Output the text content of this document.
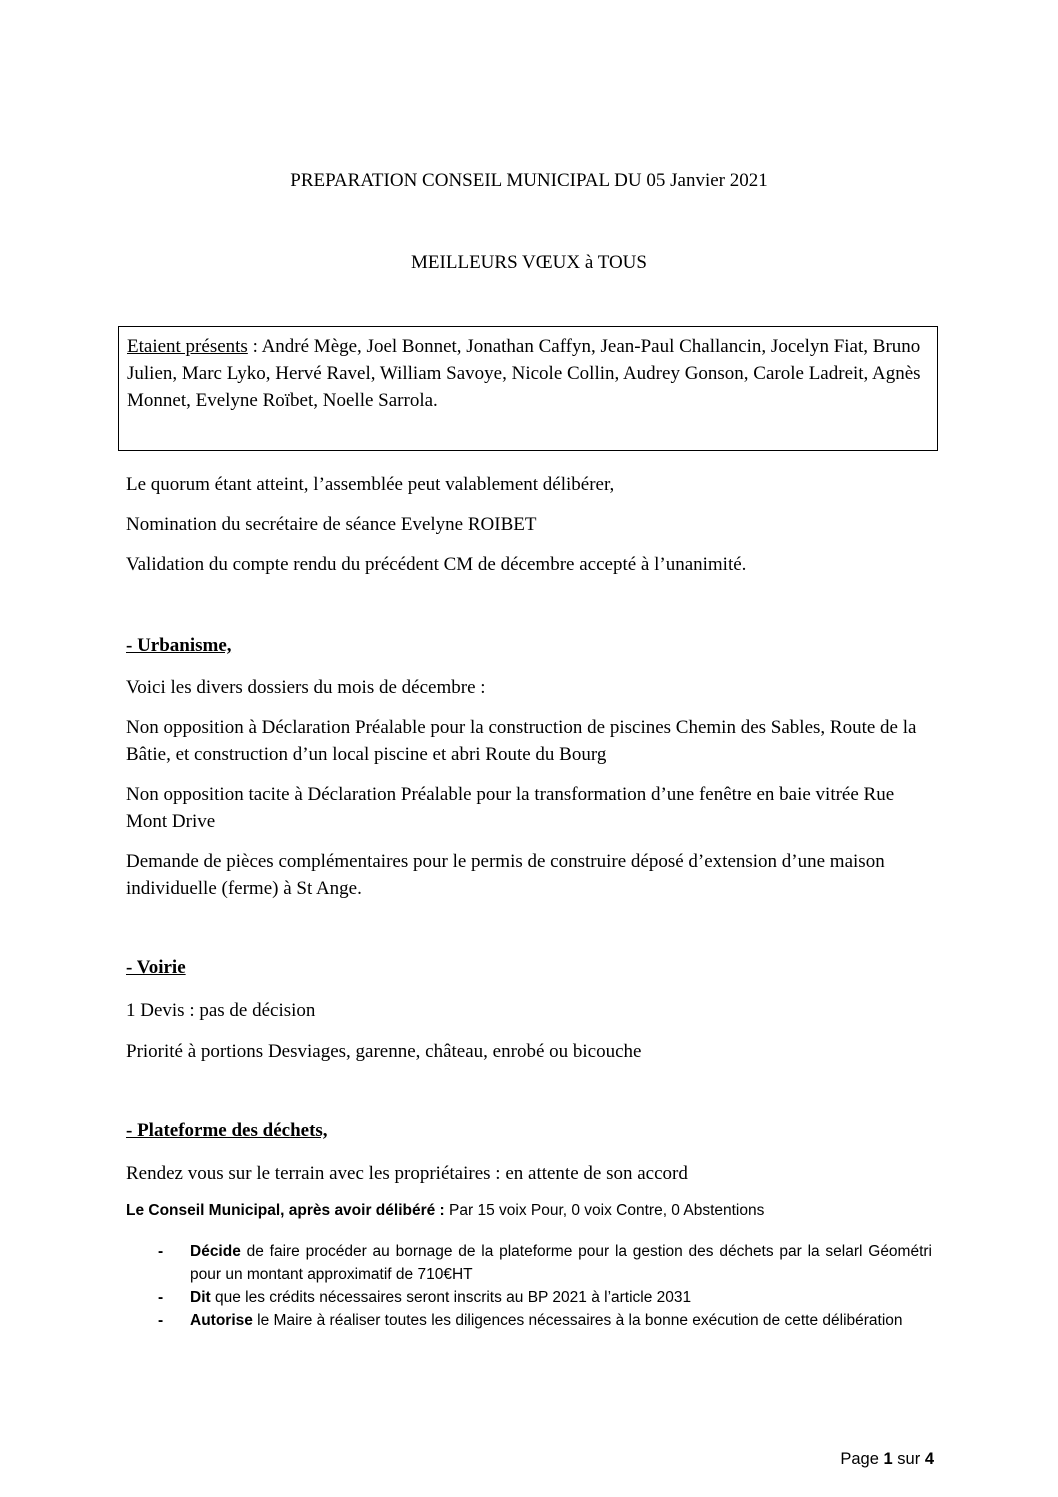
PREPARATION CONSEIL MUNICIPAL DU 05 Janvier 2021
MEILLEURS VŒUX à TOUS
Etaient présents : André Mège, Joel Bonnet, Jonathan Caffyn, Jean-Paul Challancin, Jocelyn Fiat, Bruno Julien, Marc Lyko, Hervé Ravel, William Savoye, Nicole Collin, Audrey Gonson, Carole Ladreit, Agnès Monnet, Evelyne Roïbet, Noelle Sarrola.
Le quorum étant atteint, l’assemblée peut valablement délibérer,
Nomination du secrétaire de séance Evelyne ROIBET
Validation du compte rendu du précédent CM de décembre accepté à l’unanimité.
- Urbanisme,
Voici les divers dossiers du mois de décembre :
Non opposition à Déclaration Préalable pour la construction de piscines Chemin des Sables, Route de la Bâtie, et construction d’un local piscine et abri Route du Bourg
Non opposition tacite à Déclaration Préalable pour la transformation d’une fenêtre en baie vitrée Rue Mont Drive
Demande de pièces complémentaires pour le permis de construire déposé d’extension d’une maison individuelle (ferme) à St Ange.
- Voirie
1 Devis : pas de décision
Priorité à portions Desviages, garenne, château, enrobé ou bicouche
- Plateforme des déchets,
Rendez vous sur le terrain avec les propriétaires : en attente de son accord
Le Conseil Municipal, après avoir délibéré : Par 15 voix Pour, 0 voix Contre, 0 Abstentions
- Décide de faire procéder au bornage de la plateforme pour la gestion des déchets par la selarl Géométri pour un montant approximatif de 710€HT
- Dit que les crédits nécessaires seront inscrits au BP 2021 à l’article 2031
- Autorise le Maire à réaliser toutes les diligences nécessaires à la bonne exécution de cette délibération
Page 1 sur 4
